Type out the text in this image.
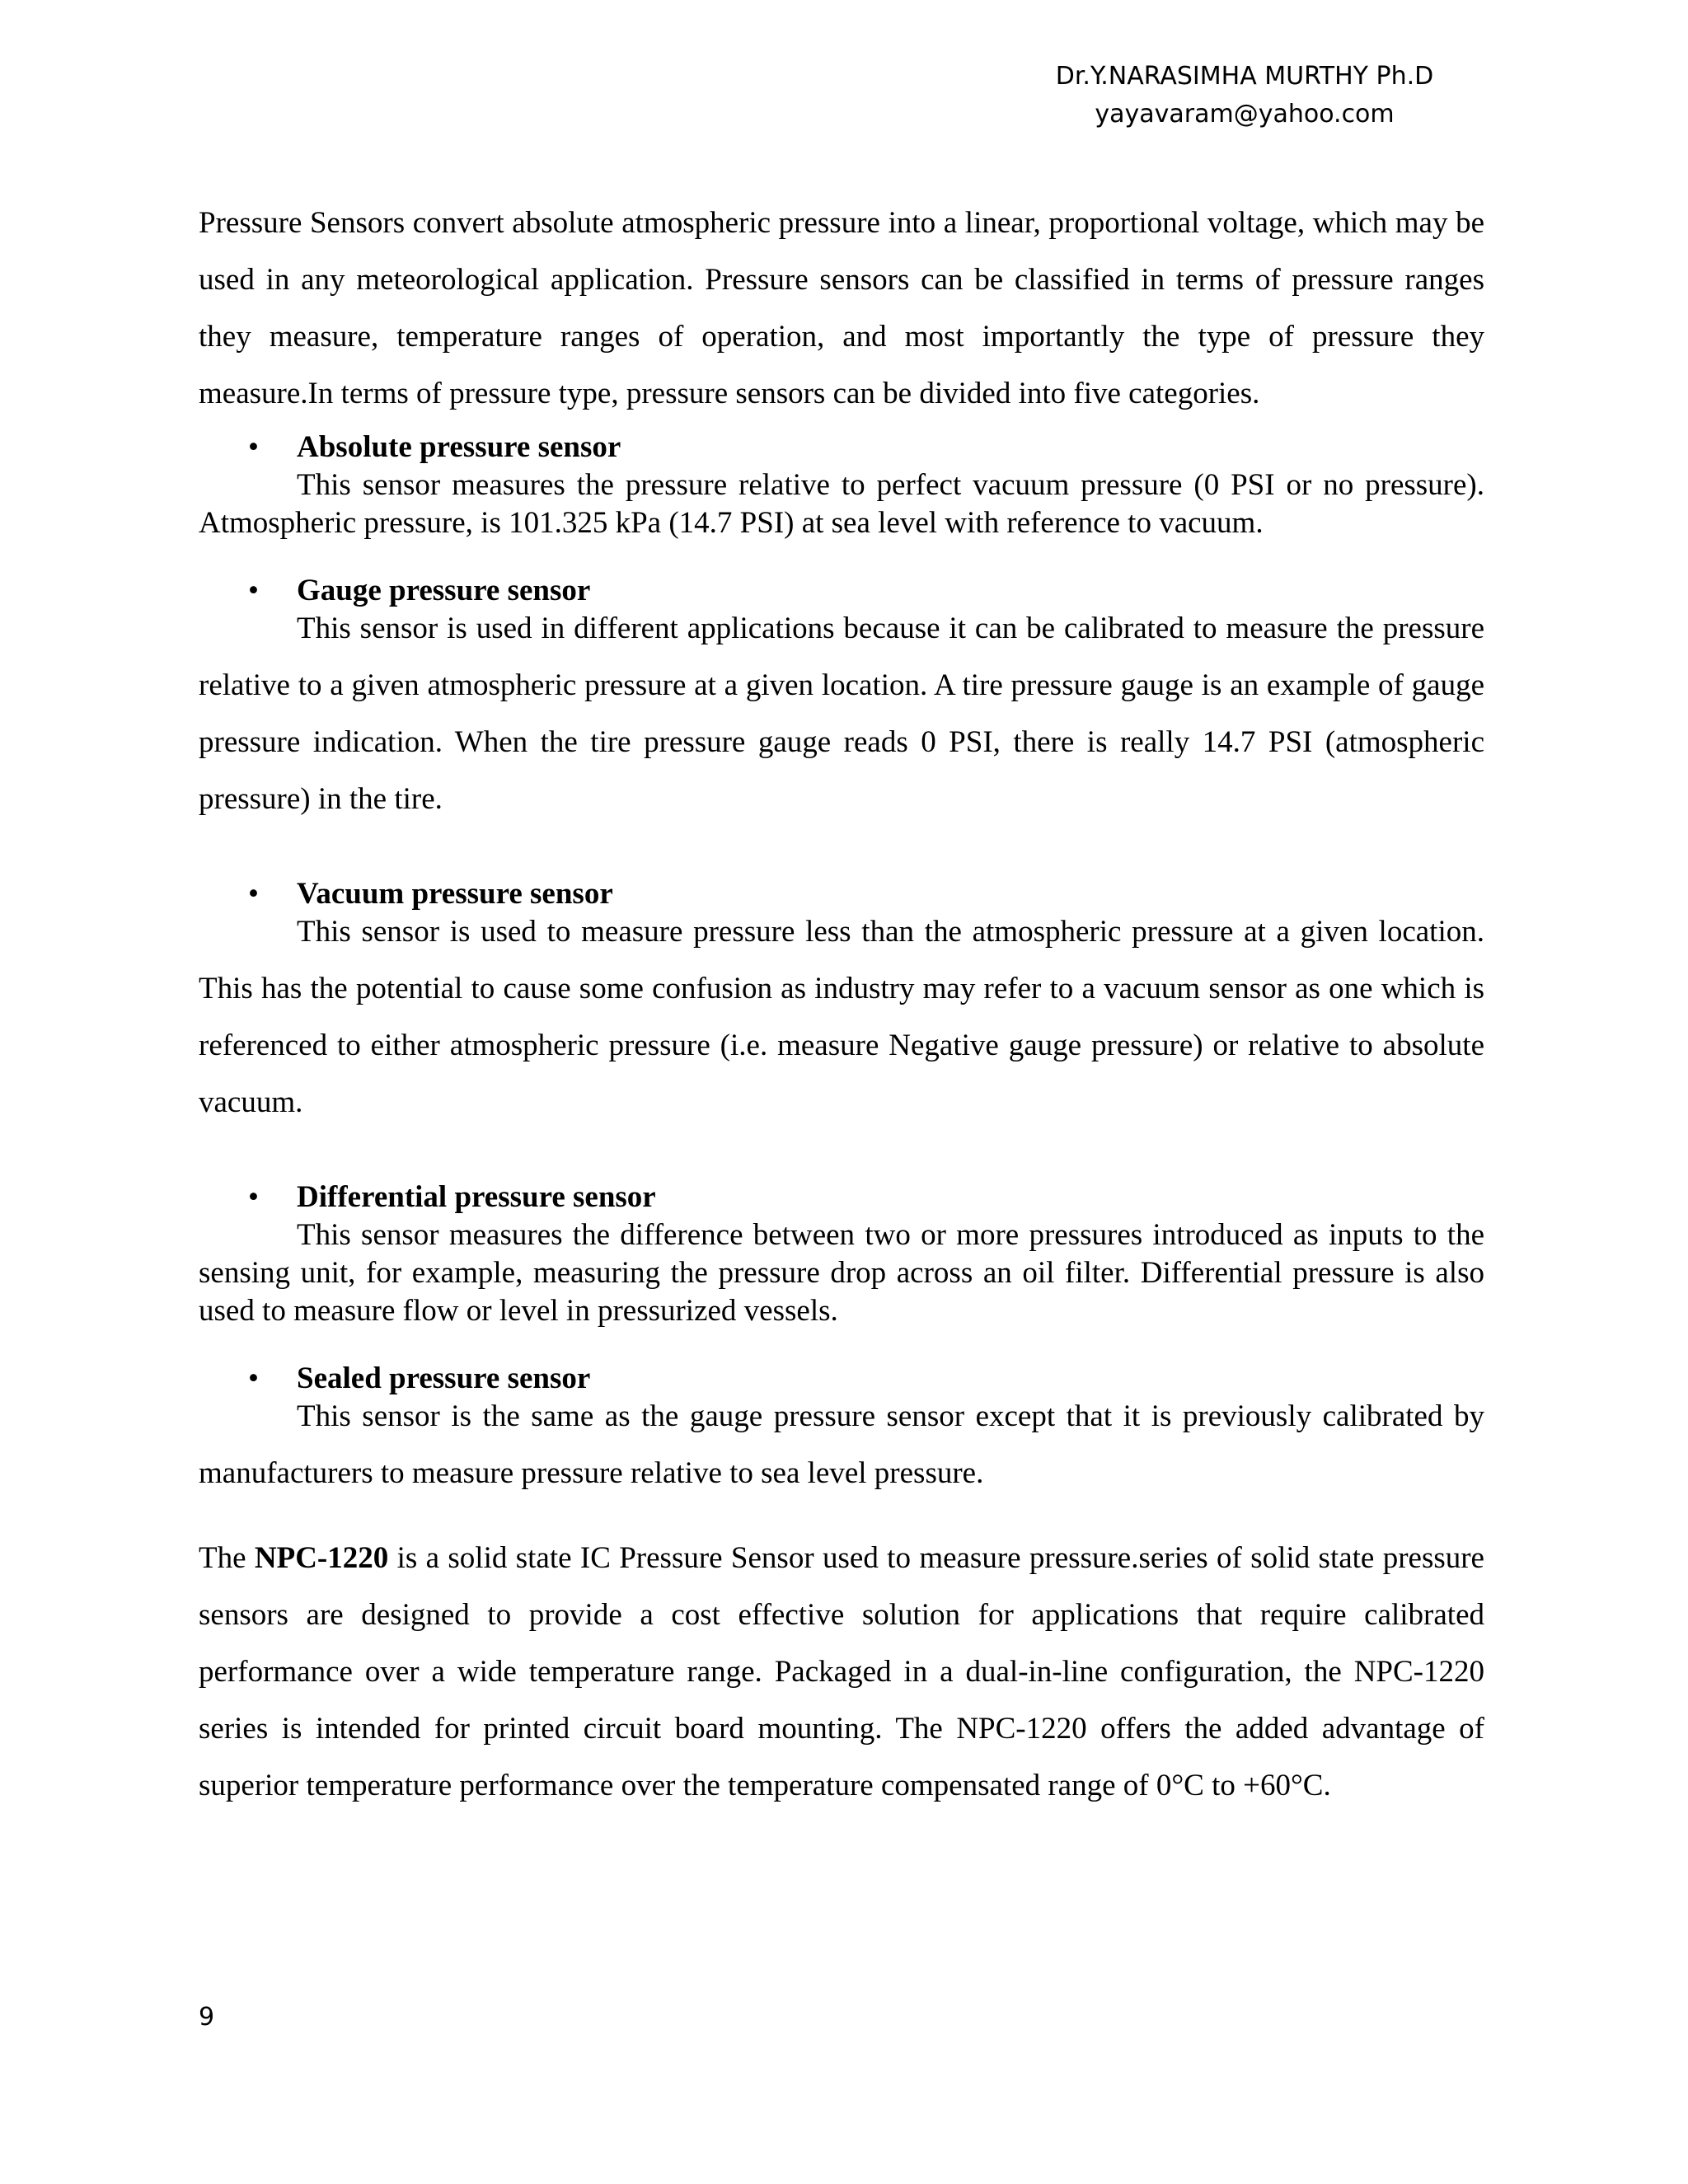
Dr.Y.NARASIMHA MURTHY Ph.D
yayavaram@yahoo.com

Pressure Sensors convert absolute atmospheric pressure into a linear, proportional voltage, which may be used in any meteorological application. Pressure sensors can be classified in terms of pressure ranges they measure, temperature ranges of operation, and most importantly the type of pressure they measure.In terms of pressure type, pressure sensors can be divided into five categories.

• Absolute pressure sensor

This sensor measures the pressure relative to perfect vacuum pressure (0 PSI or no pressure). Atmospheric pressure, is 101.325 kPa (14.7 PSI) at sea level with reference to vacuum.

• Gauge pressure sensor

This sensor is used in different applications because it can be calibrated to measure the pressure relative to a given atmospheric pressure at a given location. A tire pressure gauge is an example of gauge pressure indication. When the tire pressure gauge reads 0 PSI, there is really 14.7 PSI (atmospheric pressure) in the tire.

• Vacuum pressure sensor

This sensor is used to measure pressure less than the atmospheric pressure at a given location. This has the potential to cause some confusion as industry may refer to a vacuum sensor as one which is referenced to either atmospheric pressure (i.e. measure Negative gauge pressure) or relative to absolute vacuum.

• Differential pressure sensor

This sensor measures the difference between two or more pressures introduced as inputs to the sensing unit, for example, measuring the pressure drop across an oil filter. Differential pressure is also used to measure flow or level in pressurized vessels.

• Sealed pressure sensor

This sensor is the same as the gauge pressure sensor except that it is previously calibrated by manufacturers to measure pressure relative to sea level pressure.

The NPC-1220 is a solid state IC Pressure Sensor used to measure pressure.series of solid state pressure sensors are designed to provide a cost effective solution for applications that require calibrated performance over a wide temperature range. Packaged in a dual-in-line configuration, the NPC-1220 series is intended for printed circuit board mounting. The NPC-1220 offers the added advantage of superior temperature performance over the temperature compensated range of 0°C to +60°C.

9
